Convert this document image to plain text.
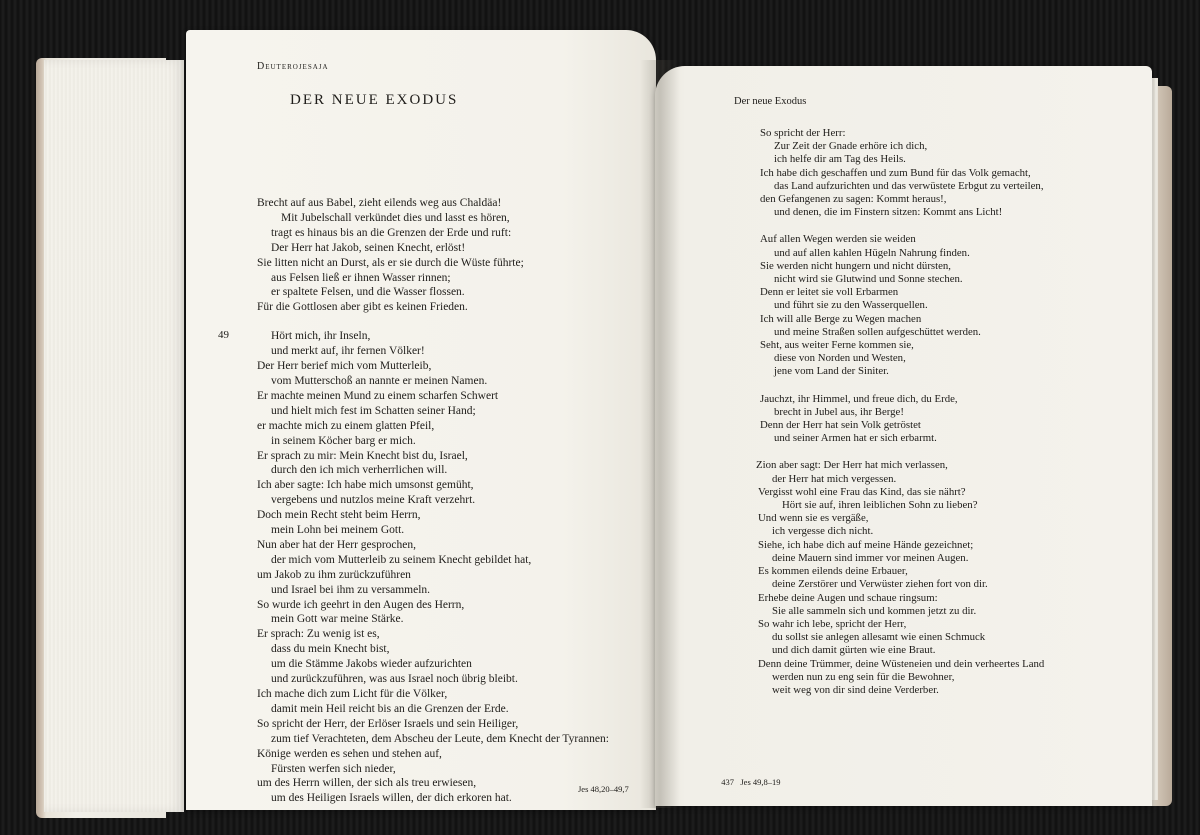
Deuterojesaja
DER NEUE EXODUS
49
Brecht auf aus Babel, zieht eilends weg aus Chaldäa!
Mit Jubelschall verkündet dies und lasst es hören,
tragt es hinaus bis an die Grenzen der Erde und ruft:
Der Herr hat Jakob, seinen Knecht, erlöst!
Sie litten nicht an Durst, als er sie durch die Wüste führte;
aus Felsen ließ er ihnen Wasser rinnen;
er spaltete Felsen, und die Wasser flossen.
Für die Gottlosen aber gibt es keinen Frieden.
Hört mich, ihr Inseln,
und merkt auf, ihr fernen Völker!
Der Herr berief mich vom Mutterleib,
vom Mutterschoß an nannte er meinen Namen.
Er machte meinen Mund zu einem scharfen Schwert
und hielt mich fest im Schatten seiner Hand;
er machte mich zu einem glatten Pfeil,
in seinem Köcher barg er mich.
Er sprach zu mir: Mein Knecht bist du, Israel,
durch den ich mich verherrlichen will.
Ich aber sagte: Ich habe mich umsonst gemüht,
vergebens und nutzlos meine Kraft verzehrt.
Doch mein Recht steht beim Herrn,
mein Lohn bei meinem Gott.
Nun aber hat der Herr gesprochen,
der mich vom Mutterleib zu seinem Knecht gebildet hat,
um Jakob zu ihm zurückzuführen
und Israel bei ihm zu versammeln.
So wurde ich geehrt in den Augen des Herrn,
mein Gott war meine Stärke.
Er sprach: Zu wenig ist es,
dass du mein Knecht bist,
um die Stämme Jakobs wieder aufzurichten
und zurückzuführen, was aus Israel noch übrig bleibt.
Ich mache dich zum Licht für die Völker,
damit mein Heil reicht bis an die Grenzen der Erde.
So spricht der Herr, der Erlöser Israels und sein Heiliger,
zum tief Verachteten, dem Abscheu der Leute, dem Knecht der Tyrannen:
Könige werden es sehen und stehen auf,
Fürsten werfen sich nieder,
um des Herrn willen, der sich als treu erwiesen,
um des Heiligen Israels willen, der dich erkoren hat.
Jes 48,20–49,7
Der neue Exodus
So spricht der Herr:
Zur Zeit der Gnade erhöre ich dich,
ich helfe dir am Tag des Heils.
Ich habe dich geschaffen und zum Bund für das Volk gemacht,
das Land aufzurichten und das verwüstete Erbgut zu verteilen,
den Gefangenen zu sagen: Kommt heraus!,
und denen, die im Finstern sitzen: Kommt ans Licht!
Auf allen Wegen werden sie weiden
und auf allen kahlen Hügeln Nahrung finden.
Sie werden nicht hungern und nicht dürsten,
nicht wird sie Glutwind und Sonne stechen.
Denn er leitet sie voll Erbarmen
und führt sie zu den Wasserquellen.
Ich will alle Berge zu Wegen machen
und meine Straßen sollen aufgeschüttet werden.
Seht, aus weiter Ferne kommen sie,
diese von Norden und Westen,
jene vom Land der Siniter.
Jauchzt, ihr Himmel, und freue dich, du Erde,
brecht in Jubel aus, ihr Berge!
Denn der Herr hat sein Volk getröstet
und seiner Armen hat er sich erbarmt.
Zion aber sagt: Der Herr hat mich verlassen,
der Herr hat mich vergessen.
Vergisst wohl eine Frau das Kind, das sie nährt?
Hört sie auf, ihren leiblichen Sohn zu lieben?
Und wenn sie es vergäße,
ich vergesse dich nicht.
Siehe, ich habe dich auf meine Hände gezeichnet;
deine Mauern sind immer vor meinen Augen.
Es kommen eilends deine Erbauer,
deine Zerstörer und Verwüster ziehen fort von dir.
Erhebe deine Augen und schaue ringsum:
Sie alle sammeln sich und kommen jetzt zu dir.
So wahr ich lebe, spricht der Herr,
du sollst sie anlegen allesamt wie einen Schmuck
und dich damit gürten wie eine Braut.
Denn deine Trümmer, deine Wüsteneien und dein verheertes Land
werden nun zu eng sein für die Bewohner,
weit weg von dir sind deine Verderber.

437 Jes 49,8–19
